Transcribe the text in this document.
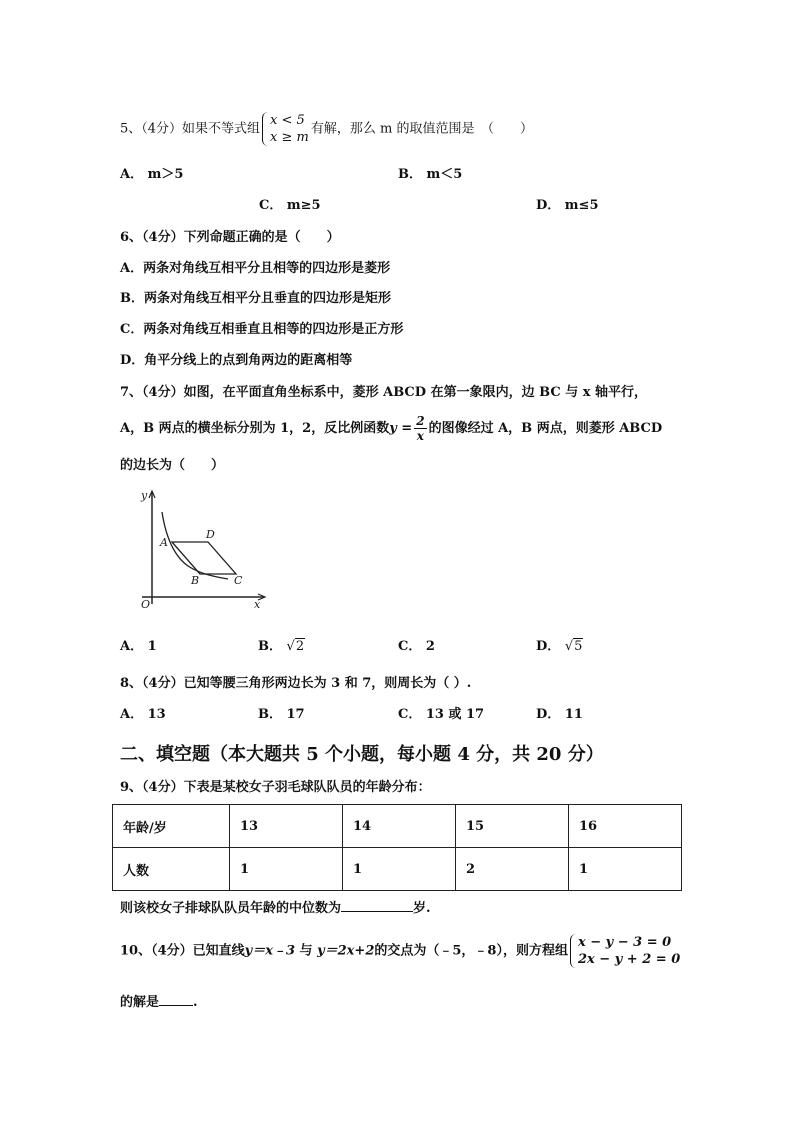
5、（4分）如果不等式组
x < 5
x ≥ m
有解，那么 m 的取值范围是　（　　）
A． m＞5	B． m＜5
C． m≥5	D． m≤5
6、（4分）下列命题正确的是（　　）
A．两条对角线互相平分且相等的四边形是菱形
B．两条对角线互相平分且垂直的四边形是矩形
C．两条对角线互相垂直且相等的四边形是正方形
D．角平分线上的点到角两边的距离相等
7、（4分）如图，在平面直角坐标系中，菱形 ABCD 在第一象限内，边 BC 与 x 轴平行，
A，B 两点的横坐标分别为 1，2，反比例函数$y = \frac{2}{x}$ 的图像经过 A，B 两点，则菱形 ABCD
的边长为（　　）
y
x
O
A
D
B	C
A． 1	B． √2	C． 2	D． √5
8、（4分）已知等腰三角形两边长为 3 和 7，则周长为（ ）.
A． 13	B． 17	C． 13 或 17	D． 11
二、填空题（本大题共 5 个小题，每小题 4 分，共 20 分）
9、（4分）下表是某校女子羽毛球队队员的年龄分布：
年龄/岁	13	14	15	16
人数	1	1	2	1
则该校女子排球队队员年龄的中位数为	岁.
10、（4分）已知直线y＝x﹣3 与 y＝2x+2的交点为（﹣5，﹣8），则方程组
x − y − 3 = 0
2x − y + 2 = 0
的解是	.
